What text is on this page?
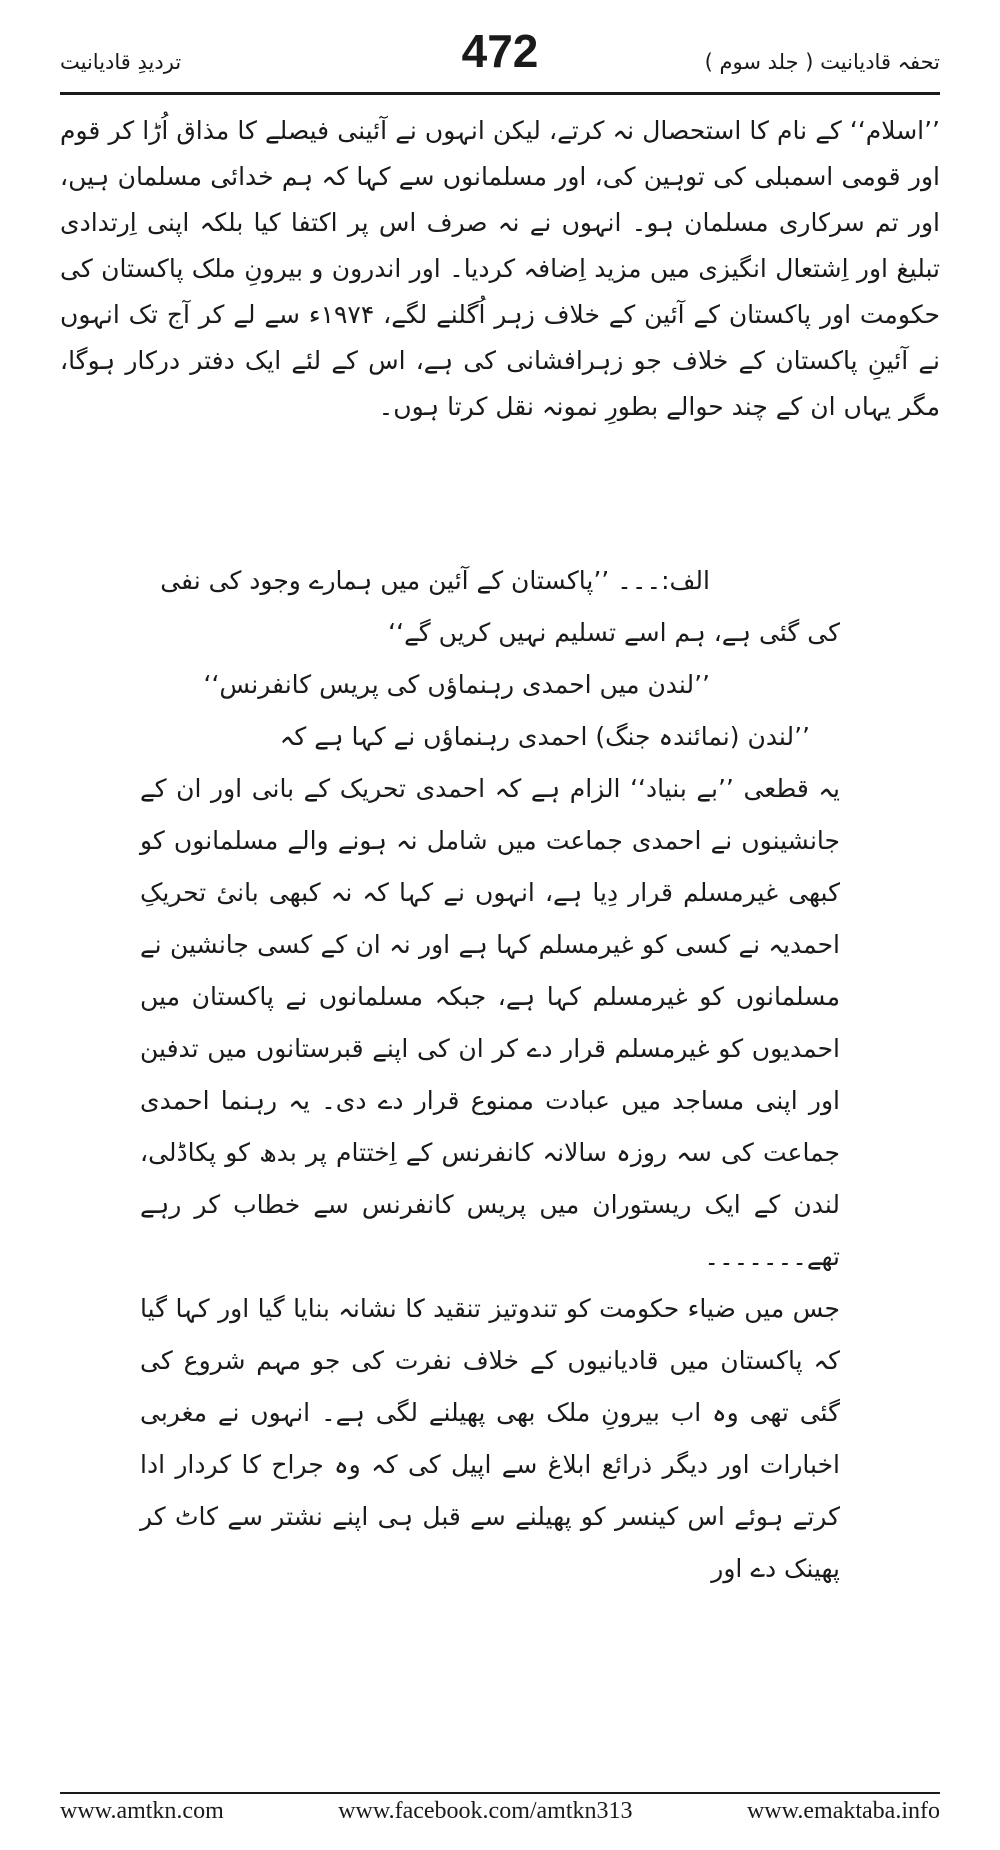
تحفہ قادیانیت ( جلد سوم )
472
تردیدِ قادیانیت

’’اسلام‘‘ کے نام کا استحصال نہ کرتے، لیکن انہوں نے آئینی فیصلے کا مذاق اُڑا کر قوم اور قومی اسمبلی کی توہین کی، اور مسلمانوں سے کہا کہ ہم خدائی مسلمان ہیں، اور تم سرکاری مسلمان ہو۔ انہوں نے نہ صرف اس پر اکتفا کیا بلکہ اپنی اِرتدادی تبلیغ اور اِشتعال انگیزی میں مزید اِضافہ کردیا۔ اور اندرون و بیرونِ ملک پاکستان کی حکومت اور پاکستان کے آئین کے خلاف زہر اُگلنے لگے، ۱۹۷۴ء سے لے کر آج تک انہوں نے آئینِ پاکستان کے خلاف جو زہرافشانی کی ہے، اس کے لئے ایک دفتر درکار ہوگا، مگر یہاں ان کے چند حوالے بطورِ نمونہ نقل کرتا ہوں۔

الف:۔۔۔ ’’پاکستان کے آئین میں ہمارے وجود کی نفی

کی گئی ہے، ہم اسے تسلیم نہیں کریں گے‘‘

’’لندن میں احمدی رہنماؤں کی پریس کانفرنس‘‘

’’لندن (نمائندہ جنگ) احمدی رہنماؤں نے کہا ہے کہ

یہ قطعی ’’بے بنیاد‘‘ الزام ہے کہ احمدی تحریک کے بانی اور ان کے جانشینوں نے احمدی جماعت میں شامل نہ ہونے والے مسلمانوں کو کبھی غیرمسلم قرار دِیا ہے، انہوں نے کہا کہ نہ کبھی بانیٔ تحریکِ احمدیہ نے کسی کو غیرمسلم کہا ہے اور نہ ان کے کسی جانشین نے مسلمانوں کو غیرمسلم کہا ہے، جبکہ مسلمانوں نے پاکستان میں احمدیوں کو غیرمسلم قرار دے کر ان کی اپنے قبرستانوں میں تدفین اور اپنی مساجد میں عبادت ممنوع قرار دے دی۔ یہ رہنما احمدی جماعت کی سہ روزہ سالانہ کانفرنس کے اِختتام پر بدھ کو پکاڈلی، لندن کے ایک ریستوران میں پریس کانفرنس سے خطاب کر رہے تھے۔۔۔۔۔۔۔

جس میں ضیاء حکومت کو تندوتیز تنقید کا نشانہ بنایا گیا اور کہا گیا کہ پاکستان میں قادیانیوں کے خلاف نفرت کی جو مہم شروع کی گئی تھی وہ اب بیرونِ ملک بھی پھیلنے لگی ہے۔ انہوں نے مغربی اخبارات اور دیگر ذرائع ابلاغ سے اپیل کی کہ وہ جراح کا کردار ادا کرتے ہوئے اس کینسر کو پھیلنے سے قبل ہی اپنے نشتر سے کاٹ کر پھینک دے اور

www.amtkn.com	www.facebook.com/amtkn313	www.emaktaba.info
